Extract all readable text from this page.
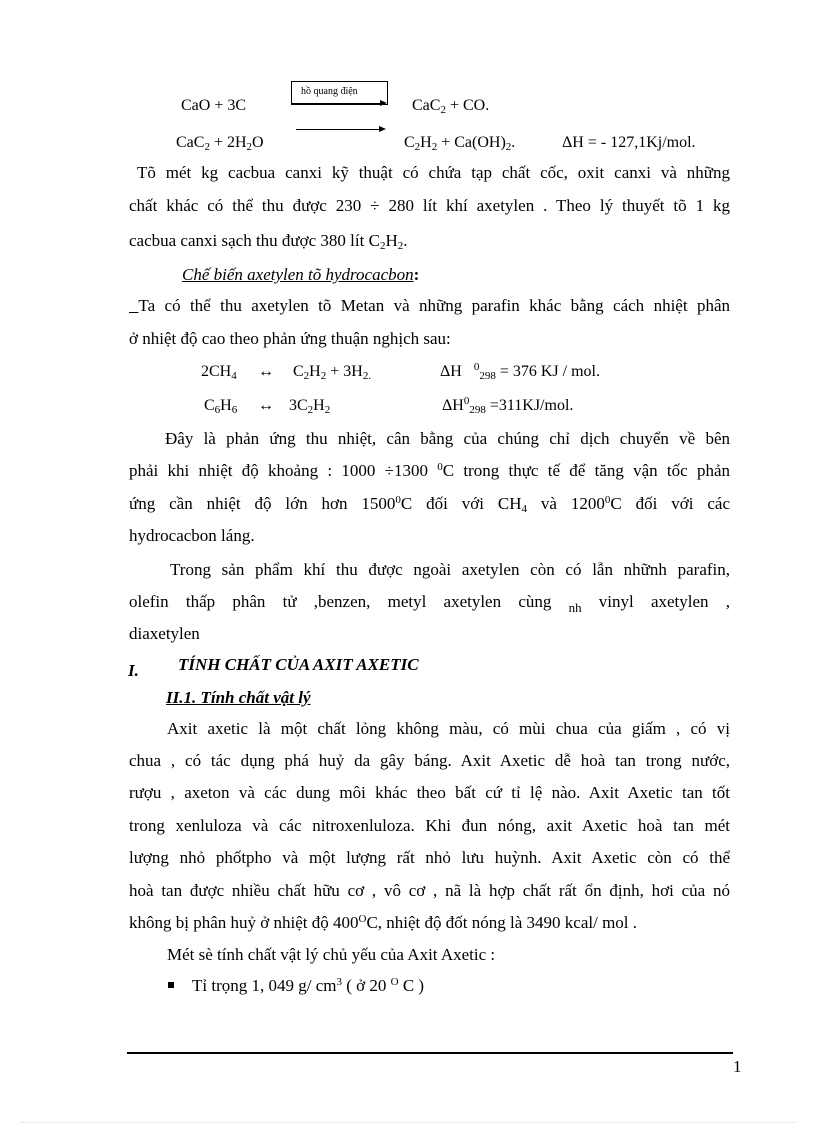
CaO + 3C
hồ quang điện
CaC$_2$ + CO.
$CaC_2 + 2H_2O$	$C_2H_2 + Ca(OH)_2$.	ΔH = - 127,1Kj/mol.
Tõ mét kg cacbua canxi kỹ thuật có chứa tạp chất cốc, oxit canxi và những
chất khác có thể thu được 230 ÷ 280 lít khí axetylen . Theo lý thuyết tõ 1 kg
cacbua canxi sạch thu được 380 lít $C_2H_2$.
Chế biến axetylen tõ hydrocacbon:
Ta có thể thu axetylen tõ Metan và những parafin khác bằng cách nhiệt phân
ở nhiệt độ cao theo phản ứng thuận nghịch sau:
$2CH_4$ ↔ $C_2H_2 + 3H_{2.}$	ΔH $^0_{298}$ = 376 KJ / mol.
$C_6H_6$ ↔ $3C_2H_2$	$\Delta H^0_{298} =311KJ/mol$.
Đây là phản ứng thu nhiệt, cân bằng của chúng chỉ dịch chuyển về bên
phải khi nhiệt độ khoảng : 1000 ÷1300 $^0$C trong thực tế để tăng vận tốc phản
ứng cần nhiệt độ lớn hơn 1500$^0$C đối với $CH_4$ và 1200$^0$C đối với các
hydrocacbon láng.
Trong sản phẩm khí thu được ngoài axetylen còn có lẫn nhữnh parafin,
olefin thấp phân tử ,benzen, metyl axetylen cùng $_{nh}$ vinyl axetylen ,
diaxetylen
I. TÍNH CHẤT CỦA AXIT AXETIC
II.1. Tính chất vật lý
Axit axetic là một chất lỏng không màu, có mùi chua của giấm , có vị
chua , có tác dụng phá huỷ da gây báng. Axit Axetic dễ hoà tan trong nước,
rượu , axeton và các dung môi khác theo bất cứ tỉ lệ nào. Axit Axetic tan tốt
trong xenluloza và các nitroxenluloza. Khi đun nóng, axit Axetic hoà tan mét
lượng nhỏ phốtpho và một lượng rất nhỏ lưu huỳnh. Axit Axetic còn có thể
hoà tan được nhiều chất hữu cơ , vô cơ , nã là hợp chất rất ổn định, hơi của nó
không bị phân huỷ ở nhiệt độ $400^OC$, nhiệt độ đốt nóng là 3490 kcal/ mol .
Mét sè tính chất vật lý chủ yếu của Axit Axetic :
Tỉ trọng 1, 049 g/ $cm^3$ ( ở 20 $^O$ C )
1
